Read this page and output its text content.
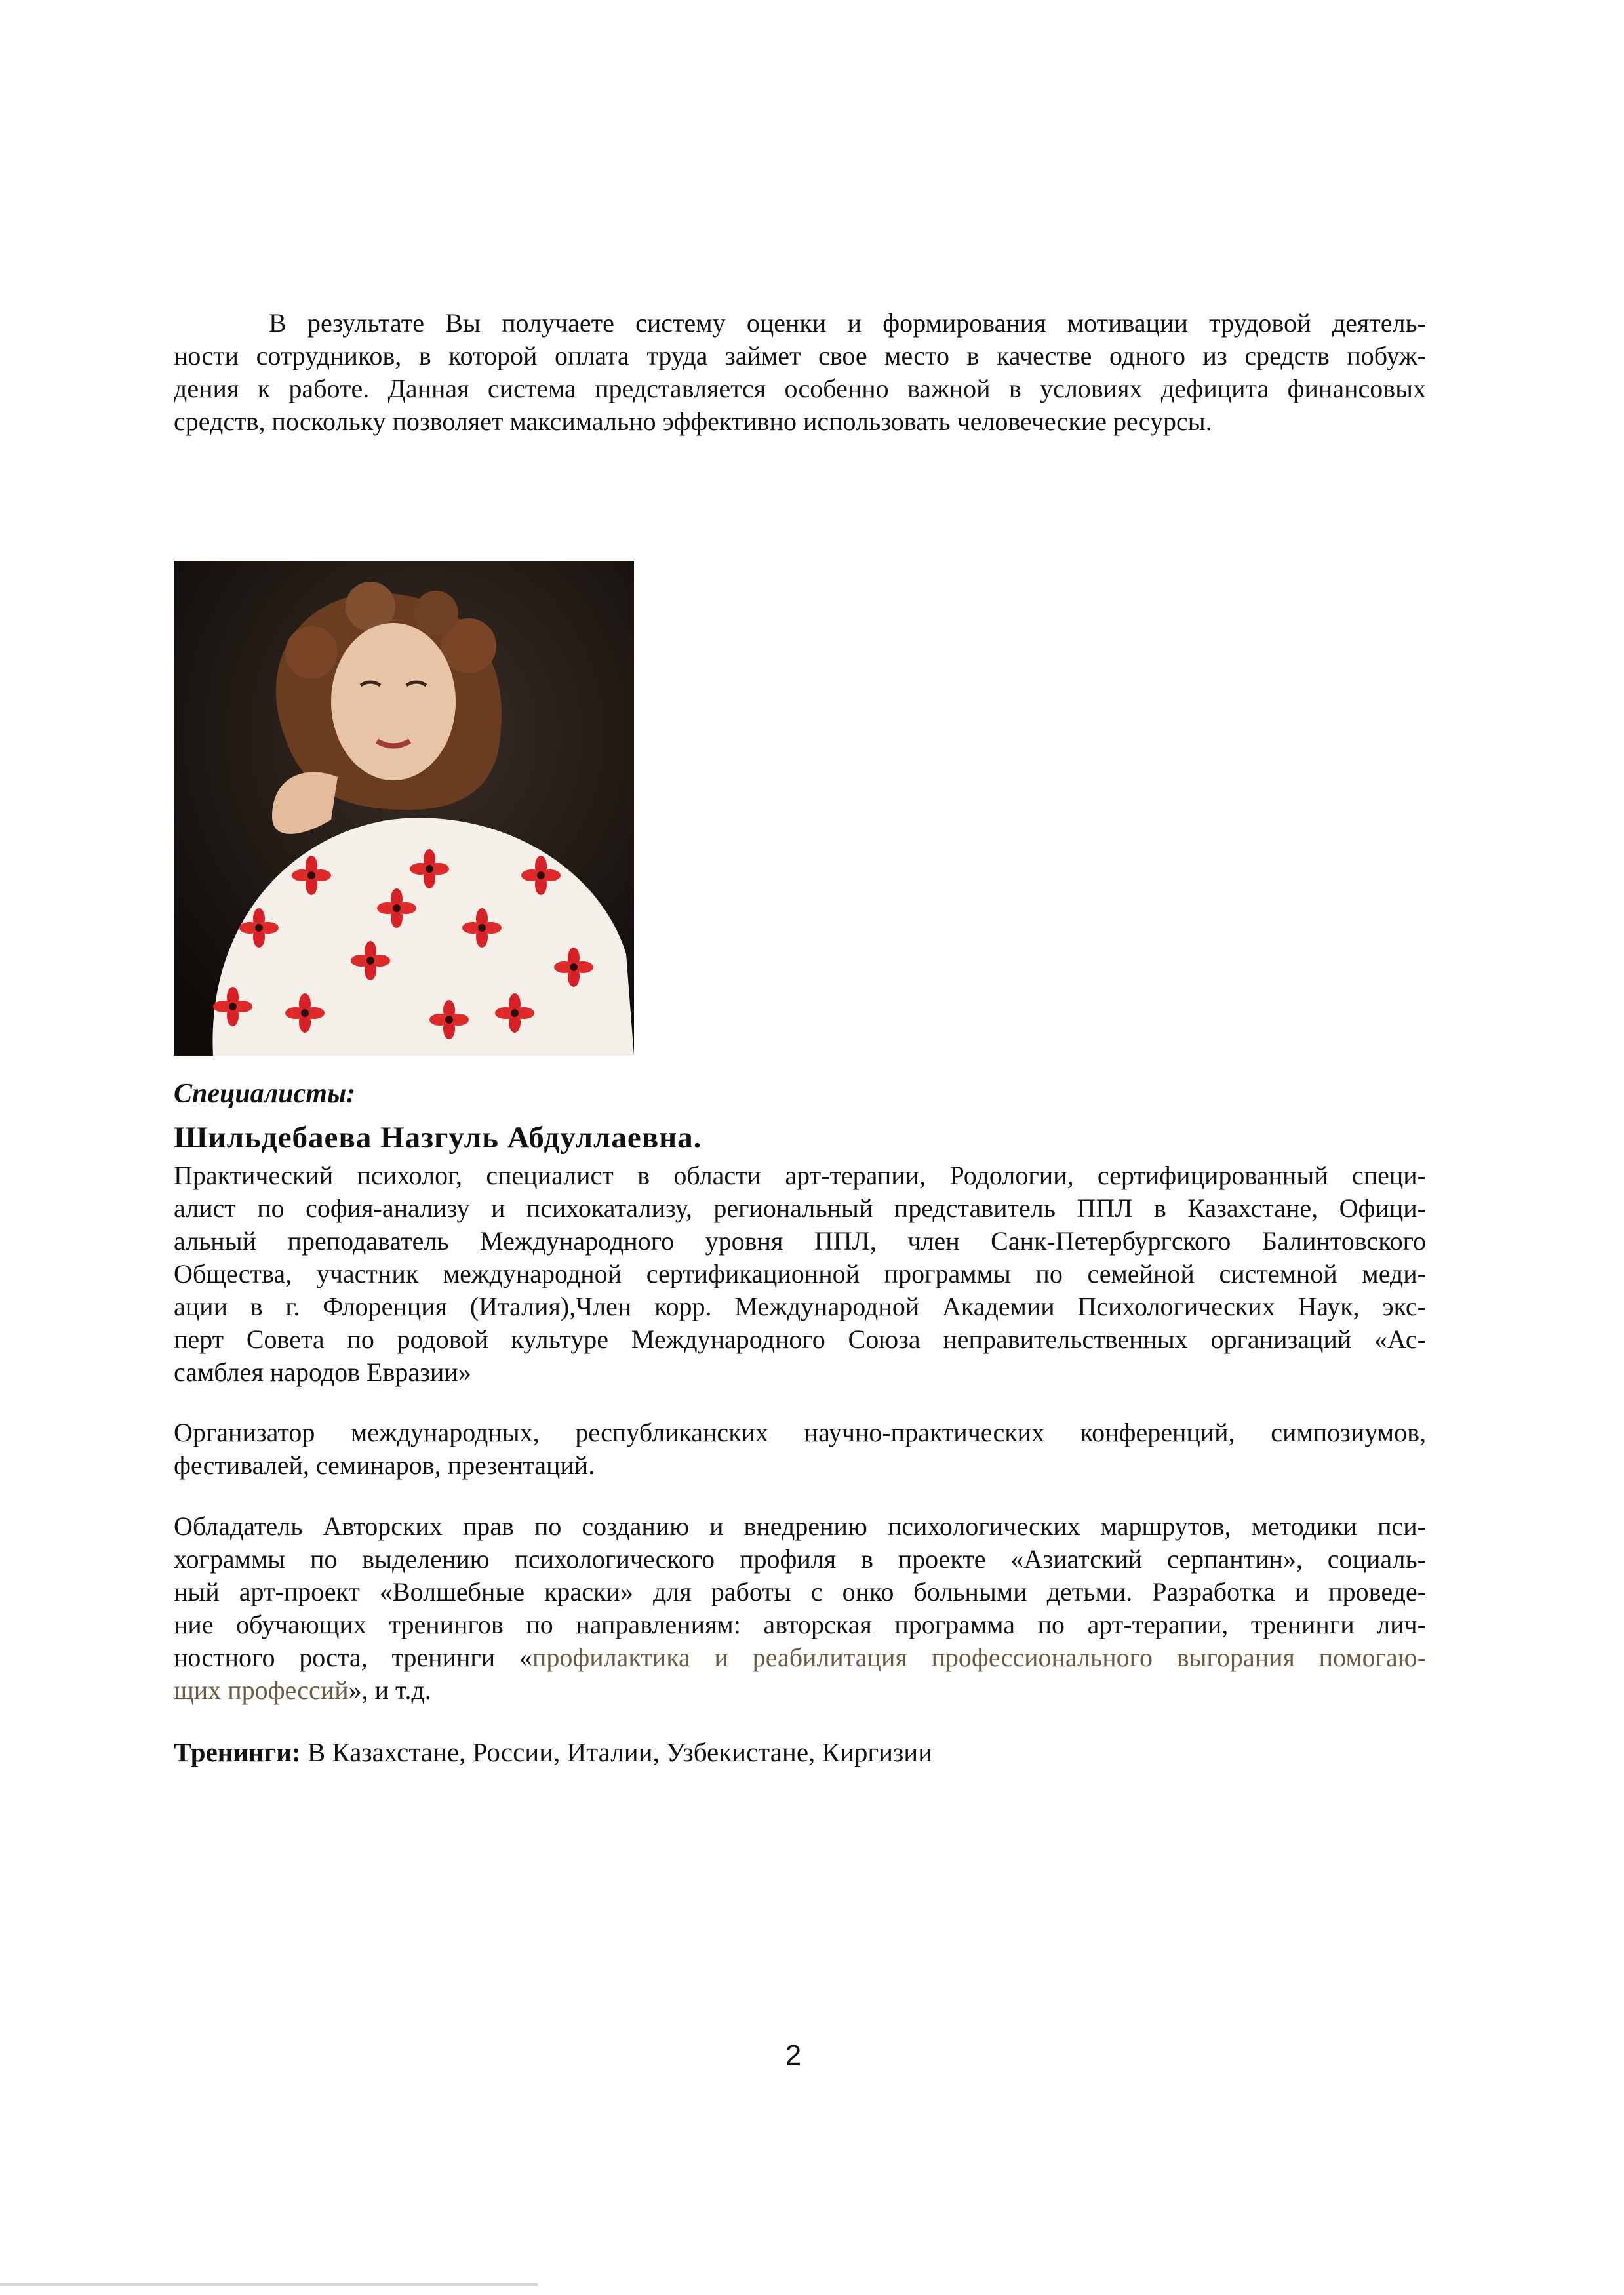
В результате Вы получаете систему оценки и формирования мотивации трудовой деятель-
ности сотрудников, в которой оплата труда займет свое место в качестве одного из средств побуж-
дения к работе. Данная система представляется особенно важной в условиях дефицита финансовых
средств, поскольку позволяет максимально эффективно использовать человеческие ресурсы.
Специалисты:
Шильдебаева Назгуль Абдуллаевна.
Практический психолог, специалист в области арт-терапии, Родологии, сертифицированный специ-
алист по софия-анализу и психокатализу, региональный представитель ППЛ в Казахстане, Офици-
альный преподаватель Международного уровня ППЛ, член Санк-Петербургского Балинтовского
Общества, участник международной сертификационной программы по семейной системной меди-
ации в г. Флоренция (Италия),Член корр. Международной Академии Психологических Наук, экс-
перт Совета по родовой культуре Международного Союза неправительственных организаций «Ас-
самблея народов Евразии»
Организатор международных, республиканских научно-практических конференций, симпозиумов,
фестивалей, семинаров, презентаций.
Обладатель Авторских прав по созданию и внедрению психологических маршрутов, методики пси-
хограммы по выделению психологического профиля в проекте «Азиатский серпантин», социаль-
ный арт-проект «Волшебные краски» для работы с онко больными детьми. Разработка и проведе-
ние обучающих тренингов по направлениям: авторская программа по арт-терапии, тренинги лич-
ностного роста, тренинги «профилактика и реабилитация профессионального выгорания помогаю-
щих профессий», и т.д.
Тренинги: В Казахстане, России, Италии, Узбекистане, Киргизии
2
